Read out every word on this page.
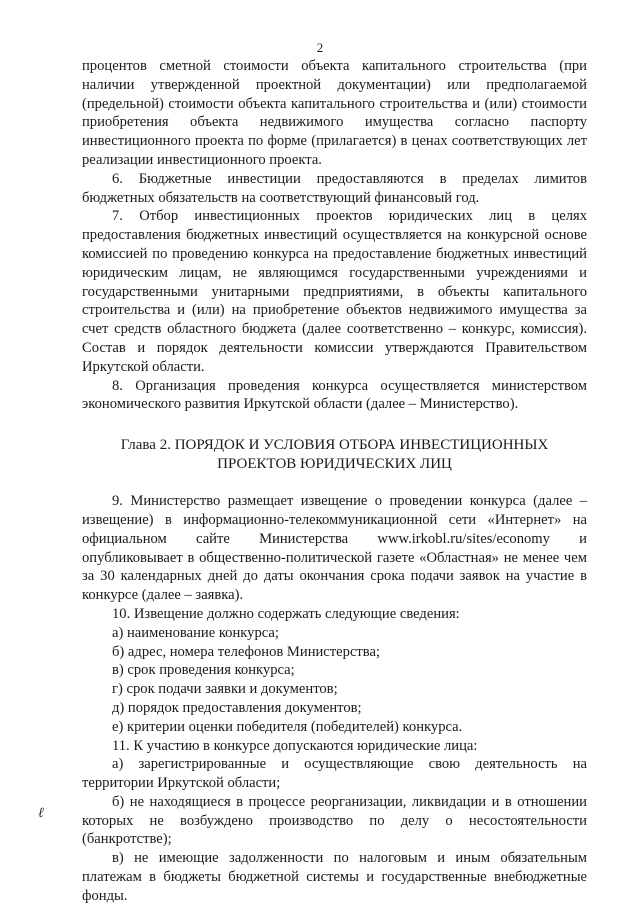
2

процентов сметной стоимости объекта капитального строительства (при наличии утвержденной проектной документации) или предполагаемой (предельной) стоимости объекта капитального строительства и (или) стоимости приобретения объекта недвижимого имущества согласно паспорту инвестиционного проекта по форме (прилагается) в ценах соответствующих лет реализации инвестиционного проекта.

6. Бюджетные инвестиции предоставляются в пределах лимитов бюджетных обязательств на соответствующий финансовый год.

7. Отбор инвестиционных проектов юридических лиц в целях предоставления бюджетных инвестиций осуществляется на конкурсной основе комиссией по проведению конкурса на предоставление бюджетных инвестиций юридическим лицам, не являющимся государственными учреждениями и государственными унитарными предприятиями, в объекты капитального строительства и (или) на приобретение объектов недвижимого имущества за счет средств областного бюджета (далее соответственно – конкурс, комиссия). Состав и порядок деятельности комиссии утверждаются Правительством Иркутской области.

8. Организация проведения конкурса осуществляется министерством экономического развития Иркутской области (далее – Министерство).

Глава 2. ПОРЯДОК И УСЛОВИЯ ОТБОРА ИНВЕСТИЦИОННЫХ
ПРОЕКТОВ ЮРИДИЧЕСКИХ ЛИЦ

9. Министерство размещает извещение о проведении конкурса (далее – извещение) в информационно-телекоммуникационной сети «Интернет» на официальном сайте Министерства www.irkobl.ru/sites/economy и опубликовывает в общественно-политической газете «Областная» не менее чем за 30 календарных дней до даты окончания срока подачи заявок на участие в конкурсе (далее – заявка).

10. Извещение должно содержать следующие сведения:

а) наименование конкурса;

б) адрес, номера телефонов Министерства;

в) срок проведения конкурса;

г) срок подачи заявки и документов;

д) порядок предоставления документов;

е) критерии оценки победителя (победителей) конкурса.

11. К участию в конкурсе допускаются юридические лица:

а) зарегистрированные и осуществляющие свою деятельность на территории Иркутской области;

б) не находящиеся в процессе реорганизации, ликвидации и в отношении которых не возбуждено производство по делу о несостоятельности (банкротстве);

в) не имеющие задолженности по налоговым и иным обязательным платежам в бюджеты бюджетной системы и государственные внебюджетные фонды.

ℓ
